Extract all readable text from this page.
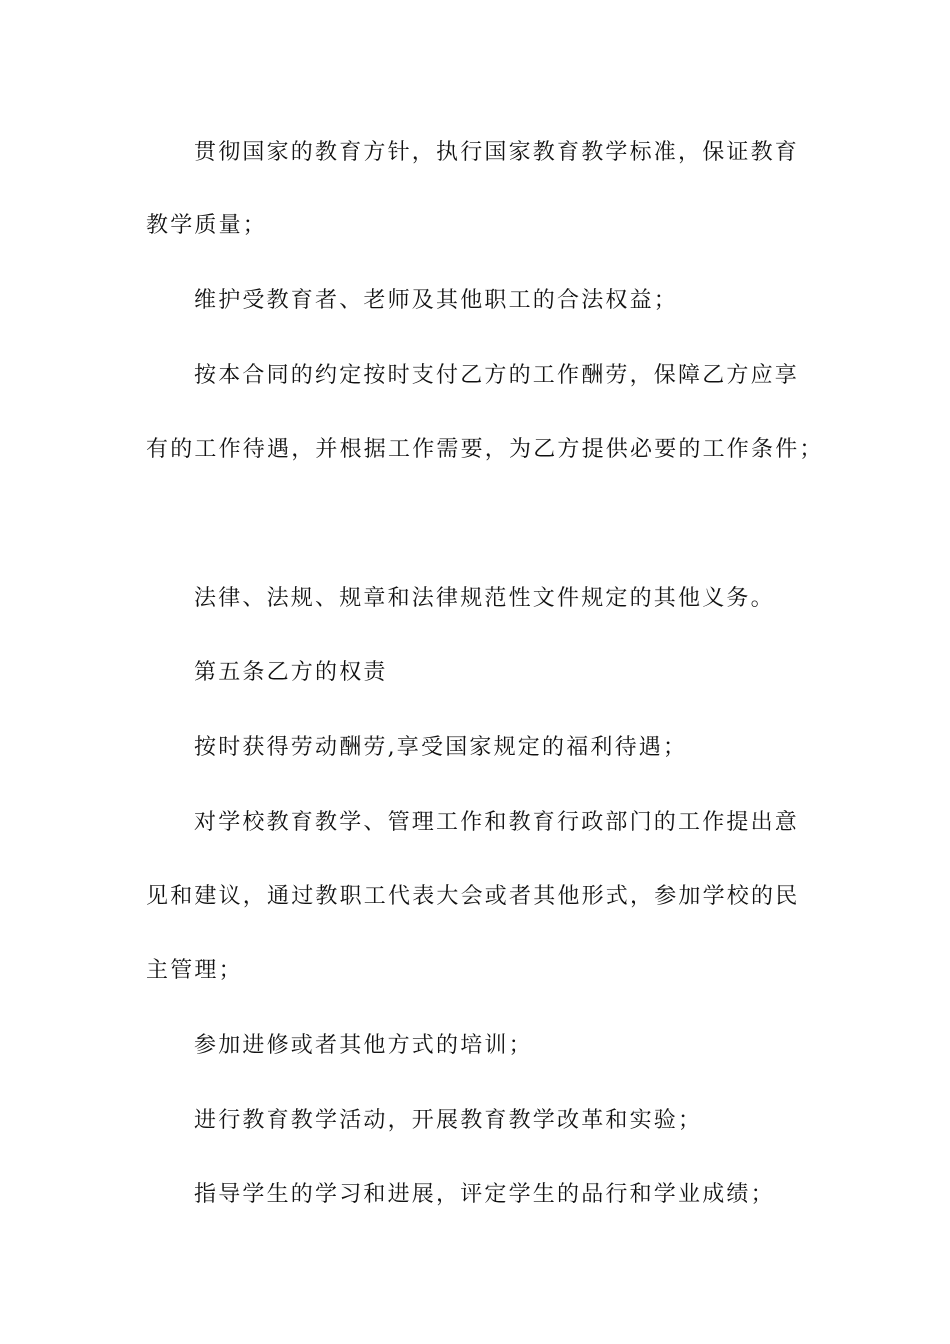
贯彻国家的教育方针，执行国家教育教学标准，保证教育
教学质量；
维护受教育者、老师及其他职工的合法权益；
按本合同的约定按时支付乙方的工作酬劳，保障乙方应享
有的工作待遇，并根据工作需要，为乙方提供必要的工作条件；
法律、法规、规章和法律规范性文件规定的其他义务。
第五条乙方的权责
按时获得劳动酬劳,享受国家规定的福利待遇；
对学校教育教学、管理工作和教育行政部门的工作提出意
见和建议，通过教职工代表大会或者其他形式，参加学校的民
主管理；
参加进修或者其他方式的培训；
进行教育教学活动，开展教育教学改革和实验；
指导学生的学习和进展，评定学生的品行和学业成绩；
